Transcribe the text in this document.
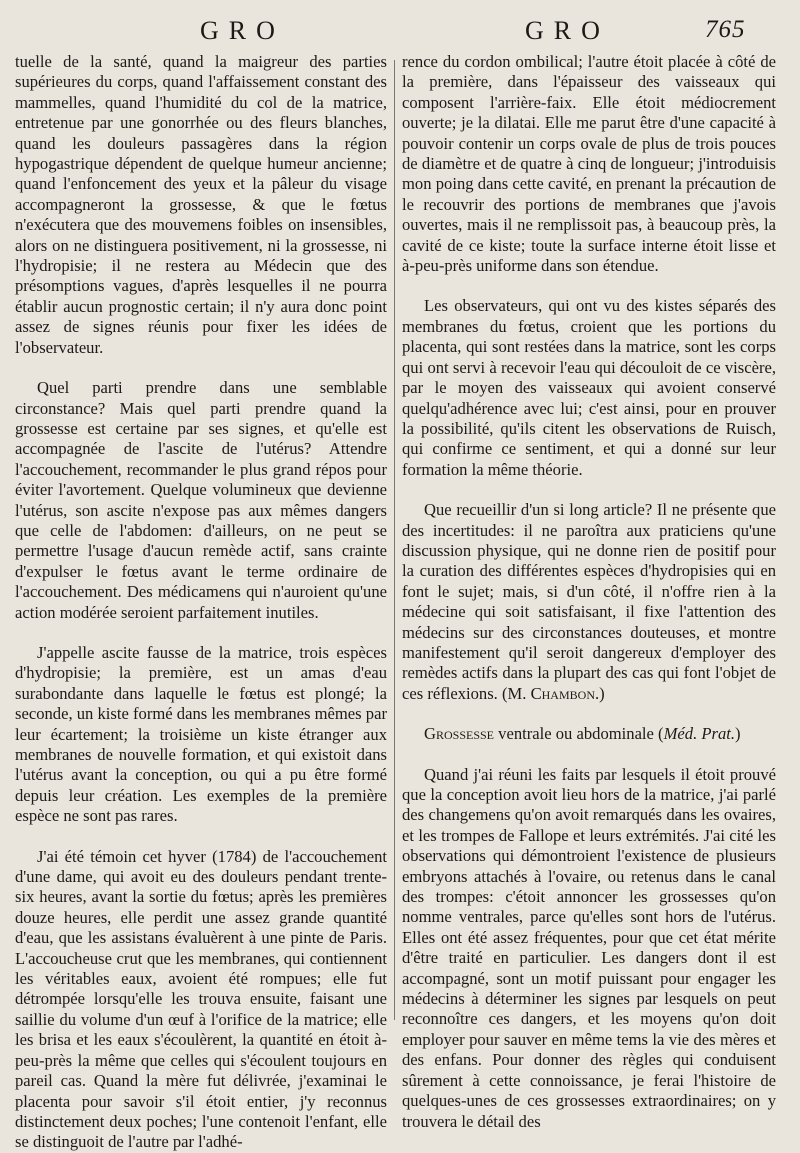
GRO	GRO	765

tuelle de la santé, quand la maigreur des parties supérieures du corps, quand l'affaissement constant des mammelles, quand l'humidité du col de la matrice, entretenue par une gonorrhée ou des fleurs blanches, quand les douleurs passagères dans la région hypogastrique dépendent de quelque humeur ancienne; quand l'enfoncement des yeux et la pâleur du visage accompagneront la grossesse, & que le fœtus n'exécutera que des mouvemens foibles on insensibles, alors on ne distinguera positivement, ni la grossesse, ni l'hydropisie; il ne restera au Médecin que des présomptions vagues, d'après lesquelles il ne pourra établir aucun prognostic certain; il n'y aura donc point assez de signes réunis pour fixer les idées de l'observateur.

Quel parti prendre dans une semblable circonstance? Mais quel parti prendre quand la grossesse est certaine par ses signes, et qu'elle est accompagnée de l'ascite de l'utérus? Attendre l'accouchement, recommander le plus grand répos pour éviter l'avortement. Quelque volumineux que devienne l'utérus, son ascite n'expose pas aux mêmes dangers que celle de l'abdomen: d'ailleurs, on ne peut se permettre l'usage d'aucun remède actif, sans crainte d'expulser le fœtus avant le terme ordinaire de l'accouchement. Des médicamens qui n'auroient qu'une action modérée seroient parfaitement inutiles.

J'appelle ascite fausse de la matrice, trois espèces d'hydropisie; la première, est un amas d'eau surabondante dans laquelle le fœtus est plongé; la seconde, un kiste formé dans les membranes mêmes par leur écartement; la troisième un kiste étranger aux membranes de nouvelle formation, et qui existoit dans l'utérus avant la conception, ou qui a pu être formé depuis leur création. Les exemples de la première espèce ne sont pas rares.

J'ai été témoin cet hyver (1784) de l'accouchement d'une dame, qui avoit eu des douleurs pendant trente-six heures, avant la sortie du fœtus; après les premières douze heures, elle perdit une assez grande quantité d'eau, que les assistans évaluèrent à une pinte de Paris. L'accoucheuse crut que les membranes, qui contiennent les véritables eaux, avoient été rompues; elle fut détrompée lorsqu'elle les trouva ensuite, faisant une saillie du volume d'un œuf à l'orifice de la matrice; elle les brisa et les eaux s'écoulèrent, la quantité en étoit à-peu-près la même que celles qui s'écoulent toujours en pareil cas. Quand la mère fut délivrée, j'examinai le placenta pour savoir s'il étoit entier, j'y reconnus distinctement deux poches; l'une contenoit l'enfant, elle se distinguoit de l'autre par l'adhé-

rence du cordon ombilical; l'autre étoit placée à côté de la première, dans l'épaisseur des vaisseaux qui composent l'arrière-faix. Elle étoit médiocrement ouverte; je la dilatai. Elle me parut être d'une capacité à pouvoir contenir un corps ovale de plus de trois pouces de diamètre et de quatre à cinq de longueur; j'introduisis mon poing dans cette cavité, en prenant la précaution de le recouvrir des portions de membranes que j'avois ouvertes, mais il ne remplissoit pas, à beaucoup près, la cavité de ce kiste; toute la surface interne étoit lisse et à-peu-près uniforme dans son étendue.

Les observateurs, qui ont vu des kistes séparés des membranes du fœtus, croient que les portions du placenta, qui sont restées dans la matrice, sont les corps qui ont servi à recevoir l'eau qui découloit de ce viscère, par le moyen des vaisseaux qui avoient conservé quelqu'adhérence avec lui; c'est ainsi, pour en prouver la possibilité, qu'ils citent les observations de Ruisch, qui confirme ce sentiment, et qui a donné sur leur formation la même théorie.

Que recueillir d'un si long article? Il ne présente que des incertitudes: il ne paroîtra aux praticiens qu'une discussion physique, qui ne donne rien de positif pour la curation des différentes espèces d'hydropisies qui en font le sujet; mais, si d'un côté, il n'offre rien à la médecine qui soit satisfaisant, il fixe l'attention des médecins sur des circonstances douteuses, et montre manifestement qu'il seroit dangereux d'employer des remèdes actifs dans la plupart des cas qui font l'objet de ces réflexions. (M. Chambon.)

Grossesse ventrale ou abdominale (Méd. Prat.)

Quand j'ai réuni les faits par lesquels il étoit prouvé que la conception avoit lieu hors de la matrice, j'ai parlé des changemens qu'on avoit remarqués dans les ovaires, et les trompes de Fallope et leurs extrémités. J'ai cité les observations qui démontroient l'existence de plusieurs embryons attachés à l'ovaire, ou retenus dans le canal des trompes: c'étoit annoncer les grossesses qu'on nomme ventrales, parce qu'elles sont hors de l'utérus. Elles ont été assez fréquentes, pour que cet état mérite d'être traité en particulier. Les dangers dont il est accompagné, sont un motif puissant pour engager les médecins à déterminer les signes par lesquels on peut reconnoître ces dangers, et les moyens qu'on doit employer pour sauver en même tems la vie des mères et des enfans. Pour donner des règles qui conduisent sûrement à cette connoissance, je ferai l'histoire de quelques-unes de ces grossesses extraordinaires; on y trouvera le détail des
